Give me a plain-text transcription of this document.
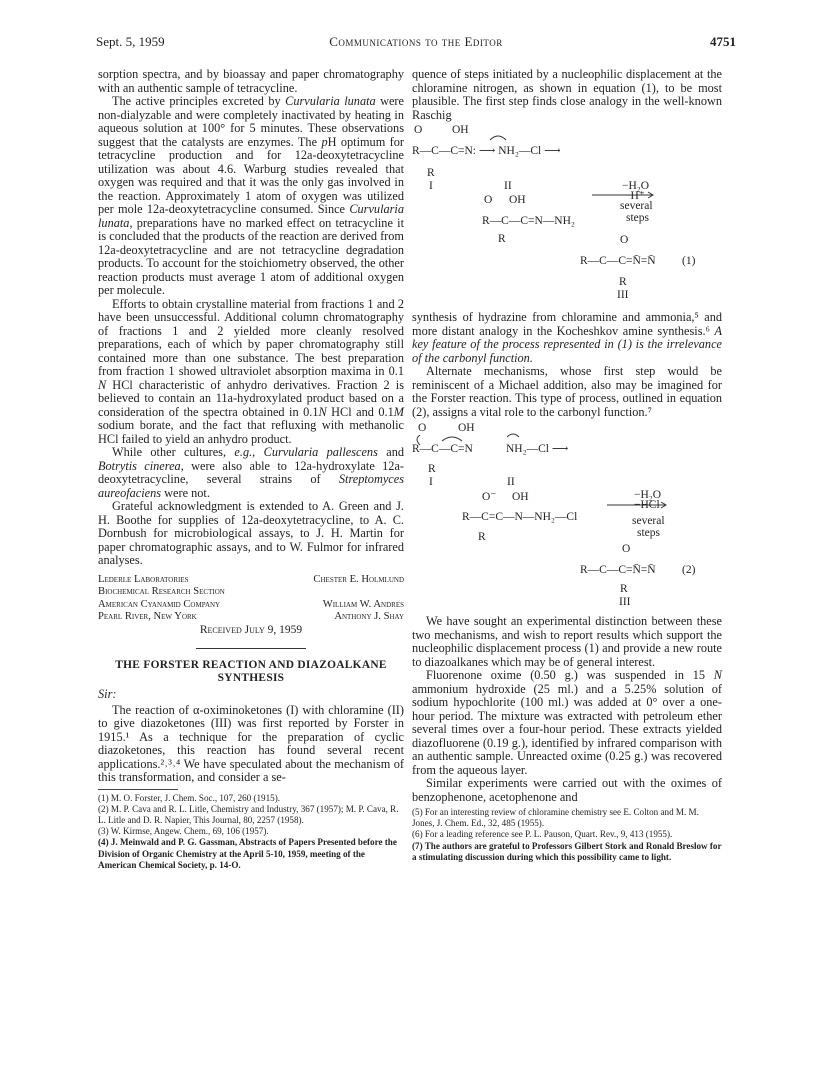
Sept. 5, 1959	Communications to the Editor	4751

sorption spectra, and by bioassay and paper chromatography with an authentic sample of tetracycline.

The active principles excreted by Curvularia lunata were non-dialyzable and were completely inactivated by heating in aqueous solution at 100° for 5 minutes. These observations suggest that the catalysts are enzymes. The pH optimum for tetracycline production and for 12a-deoxytetracycline utilization was about 4.6. Warburg studies revealed that oxygen was required and that it was the only gas involved in the reaction. Approximately 1 atom of oxygen was utilized per mole 12a-deoxytetracycline consumed. Since Curvularia lunata, preparations have no marked effect on tetracycline it is concluded that the products of the reaction are derived from 12a-deoxytetracycline and are not tetracycline degradation products. To account for the stoichiometry observed, the other reaction products must average 1 atom of additional oxygen per molecule.

Efforts to obtain crystalline material from fractions 1 and 2 have been unsuccessful. Additional column chromatography of fractions 1 and 2 yielded more cleanly resolved preparations, each of which by paper chromatography still contained more than one substance. The best preparation from fraction 1 showed ultraviolet absorption maxima in 0.1 N HCl characteristic of anhydro derivatives. Fraction 2 is believed to contain an 11a-hydroxylated product based on a consideration of the spectra obtained in 0.1N HCl and 0.1M sodium borate, and the fact that refluxing with methanolic HCl failed to yield an anhydro product.

While other cultures, e.g., Curvularia pallescens and Botrytis cinerea, were also able to 12a-hydroxylate 12a-deoxytetracycline, several strains of Streptomyces aureofaciens were not.

Grateful acknowledgment is extended to A. Green and J. H. Boothe for supplies of 12a-deoxytetracycline, to A. C. Dornbush for microbiological assays, to J. H. Martin for paper chromatographic assays, and to W. Fulmor for infrared analyses.

Lederle Laboratories	Chester E. Holmlund
Biochemical Research Section
American Cyanamid Company	William W. Andres
Pearl River, New York	Anthony J. Shay
Received July 9, 1959
THE FORSTER REACTION AND DIAZOALKANE SYNTHESIS
Sir:

The reaction of α-oximinoketones (I) with chloramine (II) to give diazoketones (III) was first reported by Forster in 1915.¹ As a technique for the preparation of cyclic diazoketones, this reaction has found several recent applications.²˒³˒⁴ We have speculated about the mechanism of this transformation, and consider a se-

(1) M. O. Forster, J. Chem. Soc., 107, 260 (1915).
(2) M. P. Cava and R. L. Litle, Chemistry and Industry, 367 (1957); M. P. Cava, R. L. Litle and D. R. Napier, This Journal, 80, 2257 (1958).
(3) W. Kirmse, Angew. Chem., 69, 106 (1957).
(4) J. Meinwald and P. G. Gassman, Abstracts of Papers Presented before the Division of Organic Chemistry at the April 5-10, 1959, meeting of the American Chemical Society, p. 14-O.

quence of steps initiated by a nucleophilic displacement at the chloramine nitrogen, as shown in equation (1), to be most plausible. The first step finds close analogy in the well-known Raschig

O	OH
R—C—C=N: ⟶ NH₂—Cl ⟶
R
I	II
O OH
R—C—C=N—NH₂
R
−H₂O
−H⁺
several
steps
O
R—C—C=N̄=N̄ (1)
R
III

synthesis of hydrazine from chloramine and ammonia,⁵ and more distant analogy in the Kocheshkov amine synthesis.⁶ A key feature of the process represented in (1) is the irrelevance of the carbonyl function.

Alternate mechanisms, whose first step would be reminiscent of a Michael addition, also may be imagined for the Forster reaction. This type of process, outlined in equation (2), assigns a vital role to the carbonyl function.⁷

O	OH
R—C—C=N	NH₂—Cl ⟶
R
I	II
O⁻ OH
R—C=C—N—NH₂—Cl
R
−H₂O
−HCl
several
steps
O
R—C—C=N̄=N̄ (2)
R
III

We have sought an experimental distinction between these two mechanisms, and wish to report results which support the nucleophilic displacement process (1) and provide a new route to diazoalkanes which may be of general interest.

Fluorenone oxime (0.50 g.) was suspended in 15 N ammonium hydroxide (25 ml.) and a 5.25% solution of sodium hypochlorite (100 ml.) was added at 0° over a one-hour period. The mixture was extracted with petroleum ether several times over a four-hour period. These extracts yielded diazofluorene (0.19 g.), identified by infrared comparison with an authentic sample. Unreacted oxime (0.25 g.) was recovered from the aqueous layer.

Similar experiments were carried out with the oximes of benzophenone, acetophenone and

(5) For an interesting review of chloramine chemistry see E. Colton and M. M. Jones, J. Chem. Ed., 32, 485 (1955).
(6) For a leading reference see P. L. Pauson, Quart. Rev., 9, 413 (1955).
(7) The authors are grateful to Professors Gilbert Stork and Ronald Breslow for a stimulating discussion during which this possibility came to light.
